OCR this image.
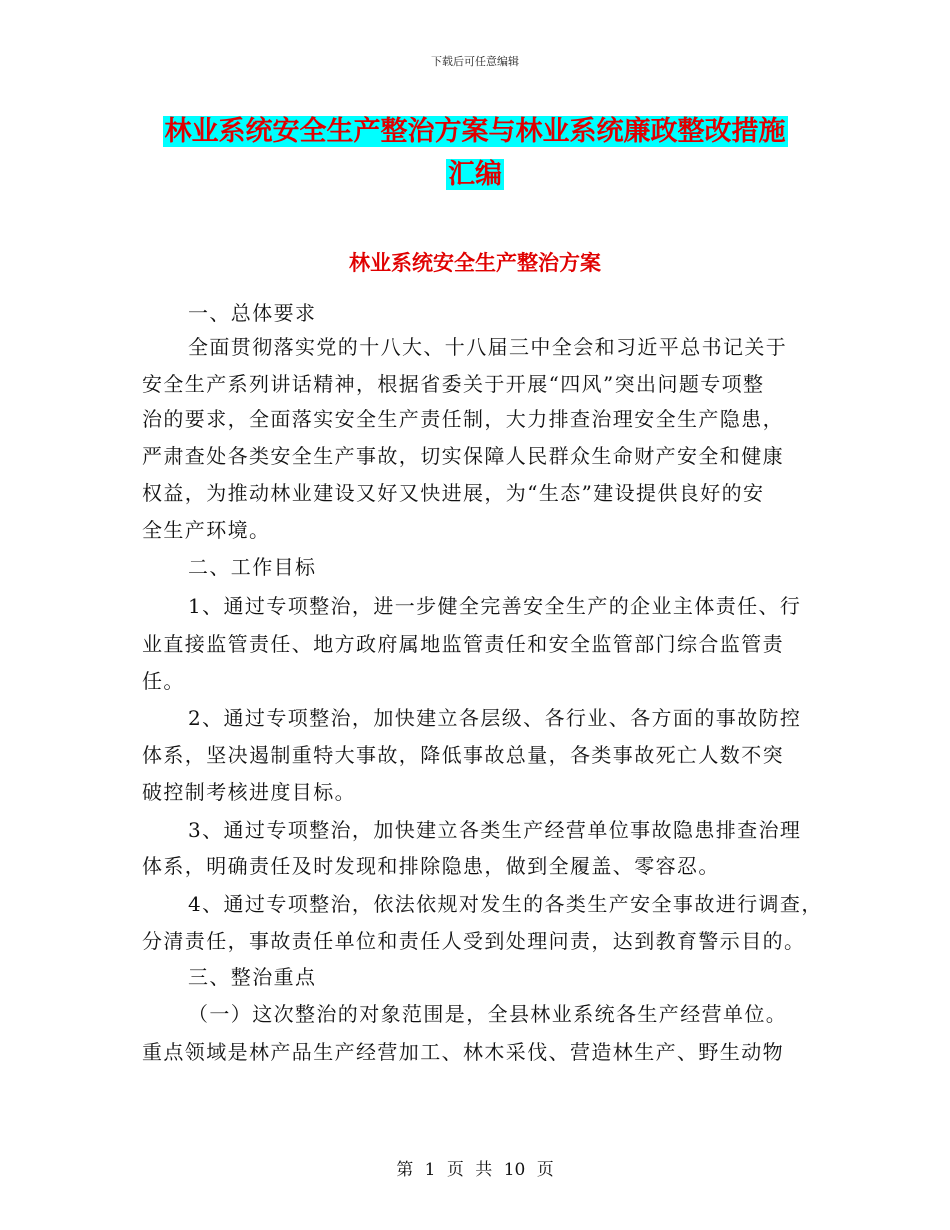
下载后可任意编辑
林业系统安全生产整治方案与林业系统廉政整改措施
汇编
林业系统安全生产整治方案
一、总体要求
全面贯彻落实党的十八大、十八届三中全会和习近平总书记关于
安全生产系列讲话精神，根据省委关于开展“四风”突出问题专项整
治的要求，全面落实安全生产责任制，大力排查治理安全生产隐患，
严肃查处各类安全生产事故，切实保障人民群众生命财产安全和健康
权益，为推动林业建设又好又快进展，为“生态”建设提供良好的安
全生产环境。
二、工作目标
1、通过专项整治，进一步健全完善安全生产的企业主体责任、行
业直接监管责任、地方政府属地监管责任和安全监管部门综合监管责
任。
2、通过专项整治，加快建立各层级、各行业、各方面的事故防控
体系，坚决遏制重特大事故，降低事故总量，各类事故死亡人数不突
破控制考核进度目标。
3、通过专项整治，加快建立各类生产经营单位事故隐患排查治理
体系，明确责任及时发现和排除隐患，做到全履盖、零容忍。
4、通过专项整治，依法依规对发生的各类生产安全事故进行调查，
分清责任，事故责任单位和责任人受到处理问责，达到教育警示目的。
三、整治重点
（一）这次整治的对象范围是，全县林业系统各生产经营单位。
重点领域是林产品生产经营加工、林木采伐、营造林生产、野生动物
第 1 页 共 10 页
